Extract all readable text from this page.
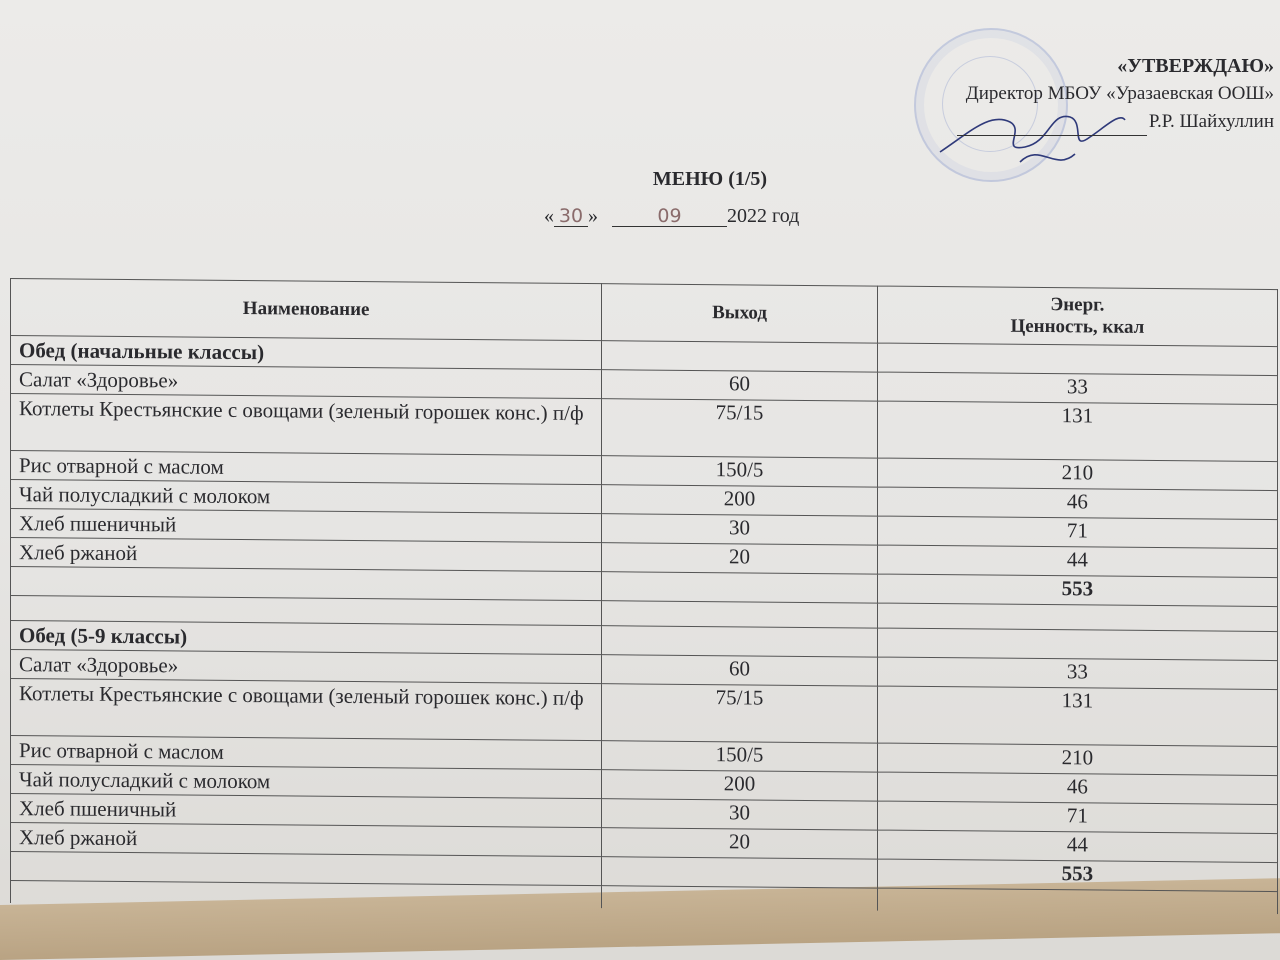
«УТВЕРЖДАЮ»
Директор МБОУ «Уразаевская ООШ»
Р.Р. Шайхуллин
МЕНЮ (1/5)
« 30 »	09 2022 год
Наименование	Выход	Энерг.
Ценность, ккал

Обед (начальные классы)		
Салат «Здоровье»	60	33
Котлеты Крестьянские с овощами (зеленый горошек конс.) п/ф	75/15	131
Рис отварной с маслом	150/5	210
Чай полусладкий с молоком	200	46
Хлеб пшеничный	30	71
Хлеб ржаной	20	44
		553

Обед (5-9 классы)		
Салат «Здоровье»	60	33
Котлеты Крестьянские с овощами (зеленый горошек конс.) п/ф	75/15	131
Рис отварной с маслом	150/5	210
Чай полусладкий с молоком	200	46
Хлеб пшеничный	30	71
Хлеб ржаной	20	44
		553
